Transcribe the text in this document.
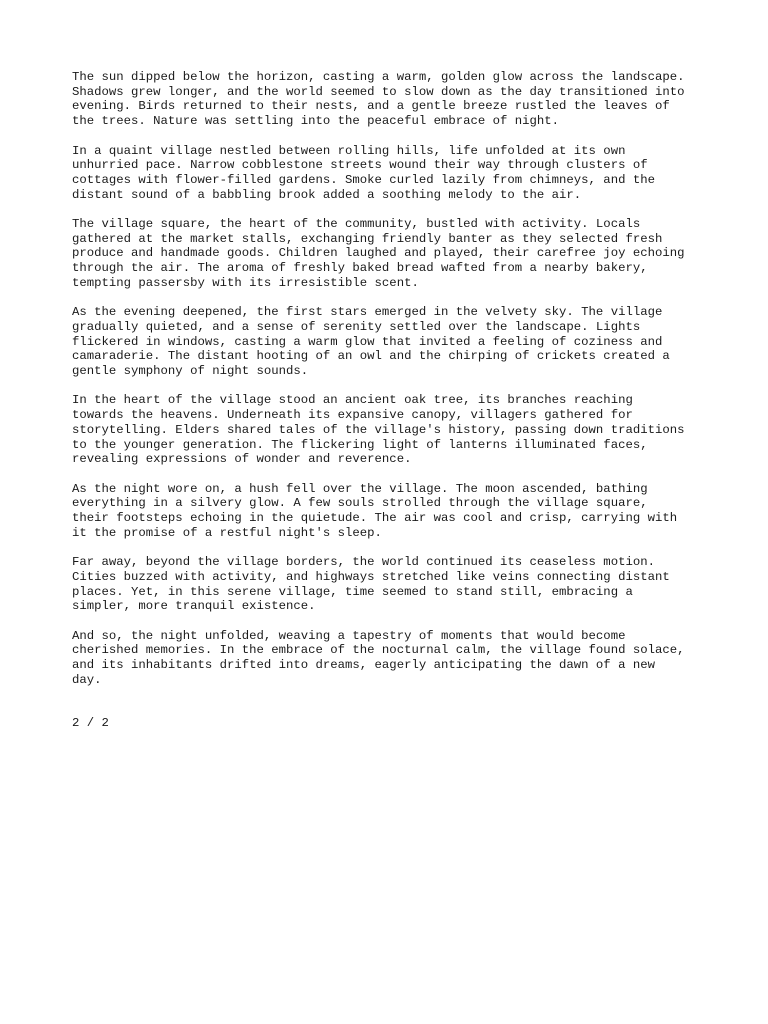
The sun dipped below the horizon, casting a warm, golden glow across the landscape.
Shadows grew longer, and the world seemed to slow down as the day transitioned into
evening. Birds returned to their nests, and a gentle breeze rustled the leaves of
the trees. Nature was settling into the peaceful embrace of night.

In a quaint village nestled between rolling hills, life unfolded at its own
unhurried pace. Narrow cobblestone streets wound their way through clusters of
cottages with flower-filled gardens. Smoke curled lazily from chimneys, and the
distant sound of a babbling brook added a soothing melody to the air.

The village square, the heart of the community, bustled with activity. Locals
gathered at the market stalls, exchanging friendly banter as they selected fresh
produce and handmade goods. Children laughed and played, their carefree joy echoing
through the air. The aroma of freshly baked bread wafted from a nearby bakery,
tempting passersby with its irresistible scent.

As the evening deepened, the first stars emerged in the velvety sky. The village
gradually quieted, and a sense of serenity settled over the landscape. Lights
flickered in windows, casting a warm glow that invited a feeling of coziness and
camaraderie. The distant hooting of an owl and the chirping of crickets created a
gentle symphony of night sounds.

In the heart of the village stood an ancient oak tree, its branches reaching
towards the heavens. Underneath its expansive canopy, villagers gathered for
storytelling. Elders shared tales of the village's history, passing down traditions
to the younger generation. The flickering light of lanterns illuminated faces,
revealing expressions of wonder and reverence.

As the night wore on, a hush fell over the village. The moon ascended, bathing
everything in a silvery glow. A few souls strolled through the village square,
their footsteps echoing in the quietude. The air was cool and crisp, carrying with
it the promise of a restful night's sleep.

Far away, beyond the village borders, the world continued its ceaseless motion.
Cities buzzed with activity, and highways stretched like veins connecting distant
places. Yet, in this serene village, time seemed to stand still, embracing a
simpler, more tranquil existence.

And so, the night unfolded, weaving a tapestry of moments that would become
cherished memories. In the embrace of the nocturnal calm, the village found solace,
and its inhabitants drifted into dreams, eagerly anticipating the dawn of a new
day.

2 / 2
